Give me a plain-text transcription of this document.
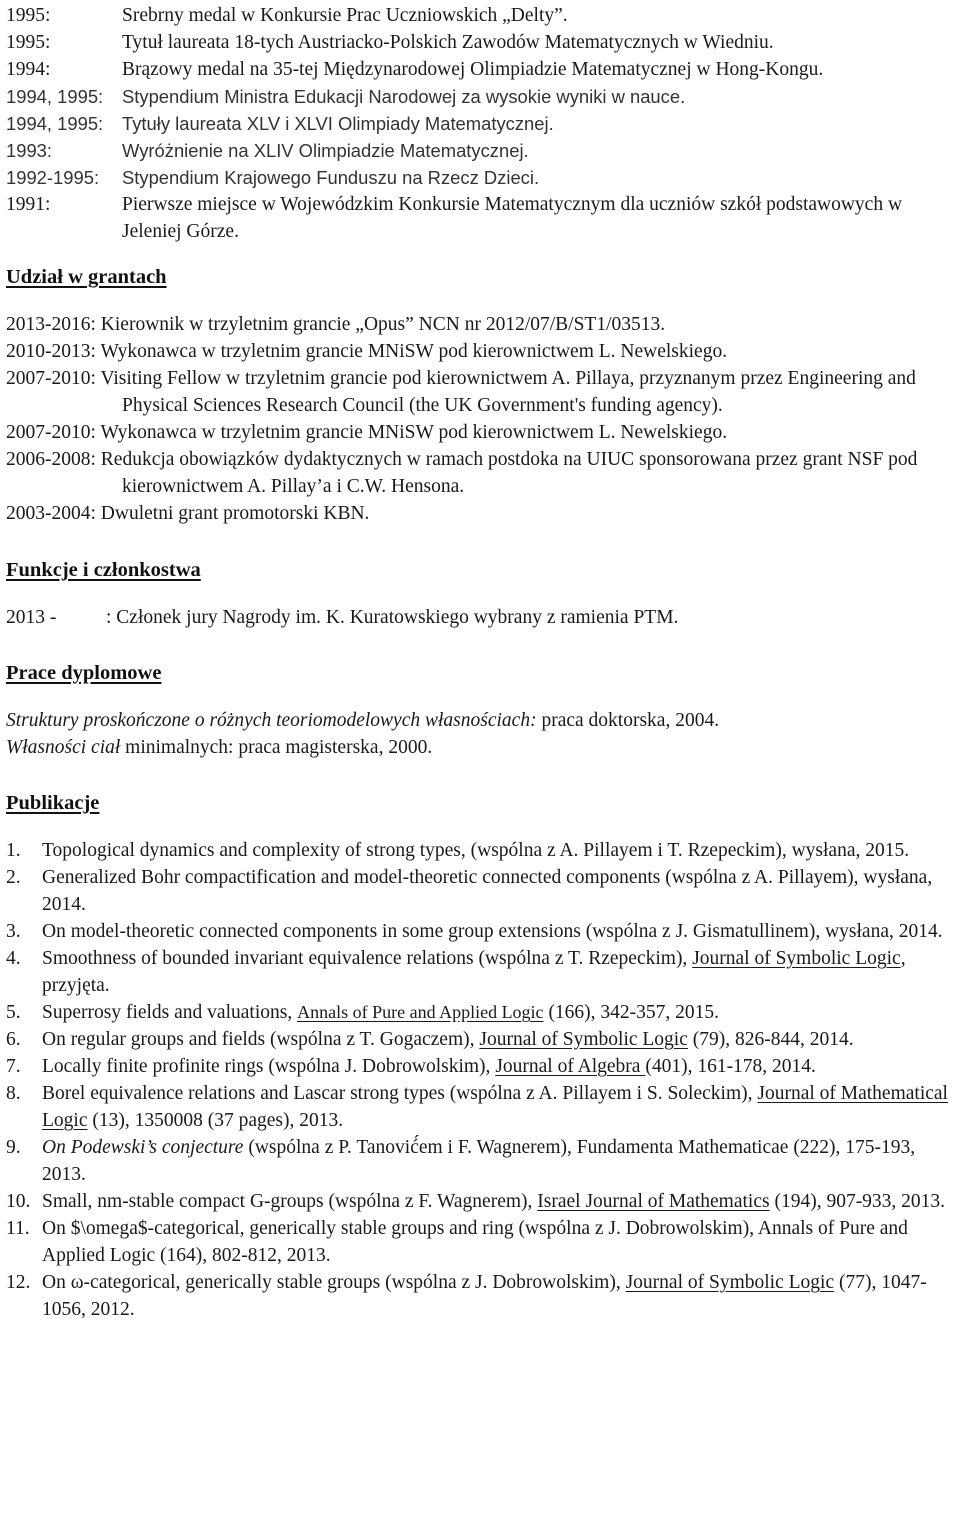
1995:	Srebrny medal w Konkursie Prac Uczniowskich „Delty”.
1995:	Tytuł laureata 18-tych Austriacko-Polskich Zawodów Matematycznych w Wiedniu.
1994:	Brązowy medal na 35-tej Międzynarodowej Olimpiadzie Matematycznej w Hong-Kongu.
1994, 1995:	Stypendium Ministra Edukacji Narodowej za wysokie wyniki w nauce.
1994, 1995:	Tytuły laureata XLV i XLVI Olimpiady Matematycznej.
1993:	Wyróżnienie na XLIV Olimpiadzie Matematycznej.
1992-1995:	Stypendium Krajowego Funduszu na Rzecz Dzieci.
1991:	Pierwsze miejsce w Wojewódzkim Konkursie Matematycznym dla uczniów szkół podstawowych w Jeleniej Górze.
Udział w grantach
2013-2016: Kierownik w trzyletnim grancie „Opus” NCN nr 2012/07/B/ST1/03513.
2010-2013: Wykonawca w trzyletnim grancie MNiSW pod kierownictwem L. Newelskiego.
2007-2010: Visiting Fellow w trzyletnim grancie pod kierownictwem A. Pillaya, przyznanym przez Engineering and Physical Sciences Research Council (the UK Government's funding agency).
2007-2010: Wykonawca w trzyletnim grancie MNiSW pod kierownictwem L. Newelskiego.
2006-2008: Redukcja obowiązków dydaktycznych w ramach postdoka na UIUC sponsorowana przez grant NSF pod kierownictwem A. Pillay’a i C.W. Hensona.
2003-2004: Dwuletni grant promotorski KBN.
Funkcje i członkostwa
2013 -	: Członek jury Nagrody im. K. Kuratowskiego wybrany z ramienia PTM.
Prace dyplomowe
Struktury proskończone o różnych teoriomodelowych własnościach: praca doktorska, 2004.
Własności ciał minimalnych: praca magisterska, 2000.
Publikacje
1.	Topological dynamics and complexity of strong types, (wspólna z A. Pillayem i T. Rzepeckim), wysłana, 2015.
2.	Generalized Bohr compactification and model-theoretic connected components (wspólna z A. Pillayem), wysłana, 2014.
3.	On model-theoretic connected components in some group extensions (wspólna z J. Gismatullinem), wysłana, 2014.
4.	Smoothness of bounded invariant equivalence relations (wspólna z T. Rzepeckim), Journal of Symbolic Logic, przyjęta.
5.	Superrosy fields and valuations, Annals of Pure and Applied Logic (166), 342-357, 2015.
6.	On regular groups and fields (wspólna z T. Gogaczem), Journal of Symbolic Logic (79), 826-844, 2014.
7.	Locally finite profinite rings (wspólna J. Dobrowolskim), Journal of Algebra (401), 161-178, 2014.
8.	Borel equivalence relations and Lascar strong types (wspólna z A. Pillayem i S. Soleckim), Journal of Mathematical Logic (13), 1350008 (37 pages), 2013.
9.	On Podewski’s conjecture (wspólna z P. Tanović́em i F. Wagnerem), Fundamenta Mathematicae (222), 175-193, 2013.
10. Small, nm-stable compact G-groups (wspólna z F. Wagnerem), Israel Journal of Mathematics (194), 907-933, 2013.
11. On $\omega$-categorical, generically stable groups and ring (wspólna z J. Dobrowolskim), Annals of Pure and Applied Logic (164), 802-812, 2013.
12. On ω-categorical, generically stable groups (wspólna z J. Dobrowolskim), Journal of Symbolic Logic (77), 1047-1056, 2012.
